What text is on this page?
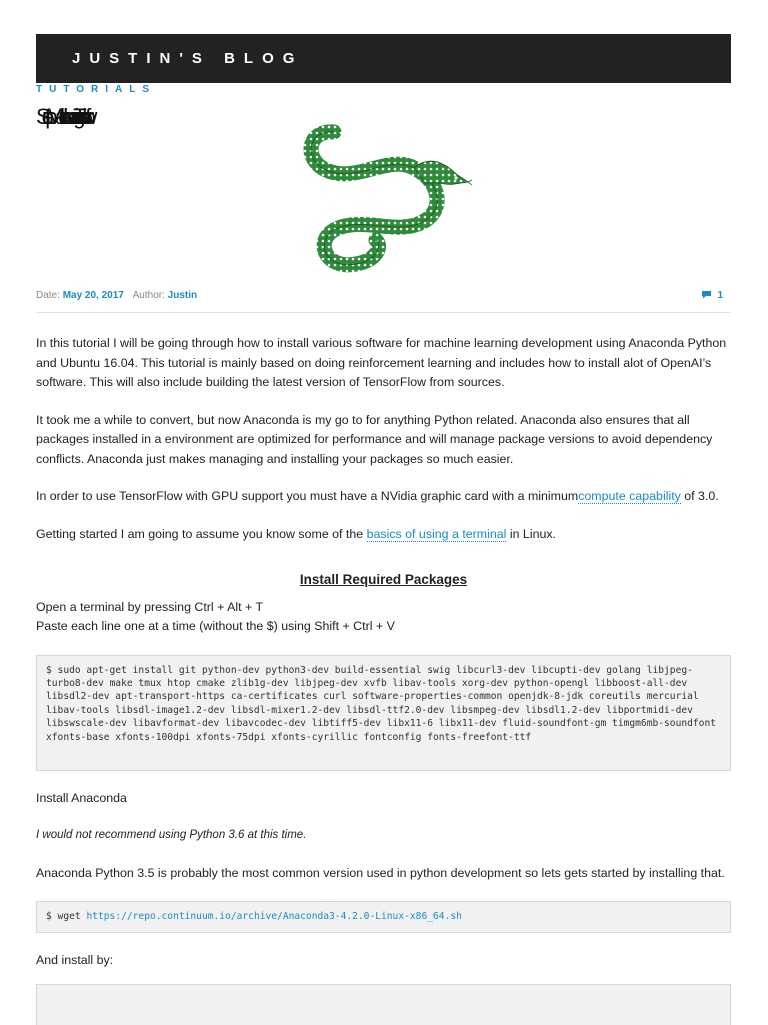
JUSTIN'S BLOG
TUTORIALS
Setup Machine Learning Tensorflow
Date: May 20, 2017 Author: Justin	1

In this tutorial I will be going through how to install various software for machine learning development using Anaconda Python and Ubuntu 16.04. This tutorial is mainly based on doing reinforcement learning and includes how to install alot of OpenAI’s software. This will also include building the latest version of TensorFlow from sources.

It took me a while to convert, but now Anaconda is my go to for anything Python related. Anaconda also ensures that all packages installed in a environment are optimized for performance and will manage package versions to avoid dependency conflicts. Anaconda just makes managing and installing your packages so much easier.

In order to use TensorFlow with GPU support you must have a NVidia graphic card with a minimumcompute capability of 3.0.

Getting started I am going to assume you know some of the basics of using a terminal in Linux.

Install Required Packages

Open a terminal by pressing Ctrl + Alt + T
Paste each line one at a time (without the $) using Shift + Ctrl + V

$ sudo apt-get install git python-dev python3-dev build-essential swig libcurl3-dev libcupti-dev golang libjpeg-turbo8-dev make tmux htop cmake zlib1g-dev libjpeg-dev xvfb libav-tools xorg-dev python-opengl libboost-all-dev libsdl2-dev apt-transport-https ca-certificates curl software-properties-common openjdk-8-jdk coreutils mercurial libav-tools libsdl-image1.2-dev libsdl-mixer1.2-dev libsdl-ttf2.0-dev libsmpeg-dev libsdl1.2-dev libportmidi-dev libswscale-dev libavformat-dev libavcodec-dev libtiff5-dev libx11-6 libx11-dev fluid-soundfont-gm timgm6mb-soundfont xfonts-base xfonts-100dpi xfonts-75dpi xfonts-cyrillic fontconfig fonts-freefont-ttf

Install Anaconda

I would not recommend using Python 3.6 at this time.

Anaconda Python 3.5 is probably the most common version used in python development so lets gets started by installing that.

$ wget https://repo.continuum.io/archive/Anaconda3-4.2.0-Linux-x86_64.sh

And install by:
